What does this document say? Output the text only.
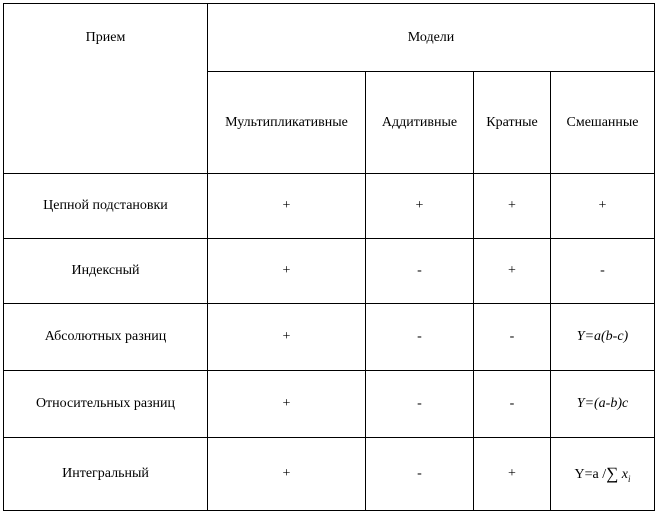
Прием	Модели			
	Мультипликативные	Аддитивные	Кратные	Смешанные
Цепной подстановки	+	+	+	+
Индексный	+	-	+	-
Абсолютных разниц	+	-	-	Y=a(b-c)
Относительных разниц	+	-	-	Y=(a-b)c
Интегральный	+	-	+	Y=a /∑ $x_i$
